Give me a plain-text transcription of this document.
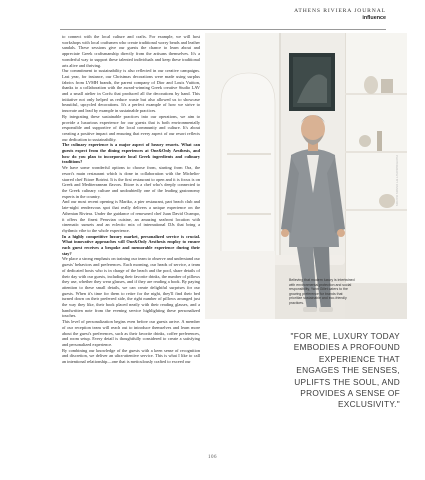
ATHENS RIVIERA JOURNAL
influence

to connect with the local culture and crafts. For example, we will host workshops with local craftsmen who create traditional worry beads and leather sandals. These sessions give our guests the chance to learn about and appreciate Greek craftsmanship directly from the artisans themselves. It's a wonderful way to support these talented individuals and keep these traditional arts alive and thriving.

Our commitment to sustainability is also reflected in our creative campaigns. Last year, for instance, our Christmas decorations were made using surplus fabrics from LVMH brands, the parent company of Dior and Louis Vuitton, thanks to a collaboration with the award-winning Greek creative Studio LAV and a small atelier in Corfu that produced all the decorations by hand. This initiative not only helped us reduce waste but also allowed us to showcase beautiful, upcycled decorations. It's a perfect example of how we strive to innovate and lead by example in sustainable practices.

By integrating these sustainable practices into our operations, we aim to provide a luxurious experience for our guests that is both environmentally responsible and supportive of the local community and culture. It's about creating a positive impact and ensuring that every aspect of our resort reflects our dedication to sustainability.

The culinary experience is a major aspect of luxury resorts. What can guests expect from the dining experiences at One&Only Aesthesis, and how do you plan to incorporate local Greek ingredients and culinary traditions?

We have some wonderful options to choose from, starting from Ora, the resort's main restaurant which is done in collaboration with the Michelin-starred chef Ettore Botrini. It is the first restaurant to open and it is focus is on Greek and Mediterranean flavors. Ettore is a chef who's deeply connected to the Greek culinary culture and undoubtedly one of the leading gastronomy experts in the country.

And our most recent opening is Mariko, a pier restaurant, part beach club and late-night rendezvous spot that really delivers a unique experience on the Athenian Riviera. Under the guidance of renowned chef Juan David Ocampo, it offers the finest Peruvian cuisine, an amazing seafront location with cinematic sunsets and an eclectic mix of international DJs that bring a rhythmic vibe to the whole experience.

In a highly competitive luxury market, personalized service is crucial. What innovative approaches will One&Only Aesthesis employ to ensure each guest receives a bespoke and memorable experience during their stay?

We place a strong emphasis on training our team to observe and understand our guests' behaviors and preferences. Each morning, our heads of service, a team of dedicated hosts who is in charge of the beach and the pool, share details of their day with our guests, including their favorite drinks, the number of pillows they use, whether they wear glasses, and if they are reading a book. By paying attention to these small details, we can create delightful surprises for our guests. When it's time for them to retire for the night, they'll find their bed turned down on their preferred side, the right number of pillows arranged just the way they like, their book placed neatly with their reading glasses, and a handwritten note from the evening service highlighting these personalized touches.

This level of personalization begins even before our guests arrive. A member of our reception team will reach out to introduce themselves and learn more about the guest's preferences, such as their favorite drinks, coffee preferences, and room setup. Every detail is thoughtfully considered to create a satisfying and personalized experience.

By combining our knowledge of the guests with a keen sense of recognition and discretion, we deliver an ultra-attentive service. This is what I like to call an intentional relationship—one that is meticulously crafted to exceed our

Believing that modern luxury is intertwined with environmental protection and social responsibility, Yann Gillet caters to the growing preference for brands that prioritize sustainable and eco-friendly practices.
PHOTOGRAPHY BY PANOS DAVIOS
"FOR ME, LUXURY TODAY EMBODIES A PROFOUND EXPERIENCE THAT ENGAGES THE SENSES, UPLIFTS THE SOUL, AND PROVIDES A SENSE OF EXCLUSIVITY."
106
